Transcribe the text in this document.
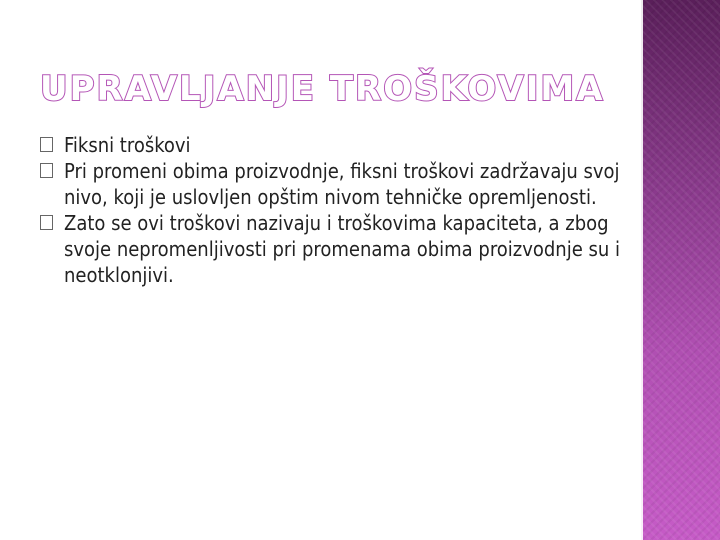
UPRAVLJANJE TROŠKOVIMA
Fiksni troškovi
Pri promeni obima proizvodnje, fiksni troškovi zadržavaju svoj nivo, koji je uslovljen opštim nivom tehničke opremljenosti.
Zato se ovi troškovi nazivaju i troškovima kapaciteta, a zbog svoje nepromenljivosti pri promenama obima proizvodnje su i neotklonjivi.
